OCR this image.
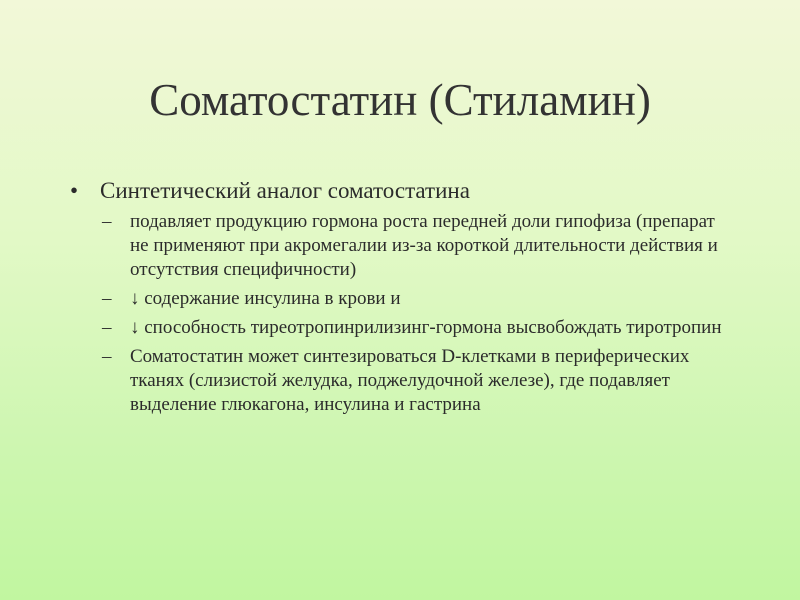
Соматостатин (Стиламин)
• Синтетический аналог соматостатина
– подавляет продукцию гормона роста передней доли гипофиза (препарат не применяют при акромегалии из-за короткой длительности действия и отсутствия специфичности)
– ↓ содержание инсулина в крови и
– ↓ способность тиреотропинрилизинг-гормона высвобождать тиротропин
– Соматостатин может синтезироваться D-клетками в периферических тканях (слизистой желудка, поджелудочной железе), где подавляет выделение глюкагона, инсулина и гастрина
